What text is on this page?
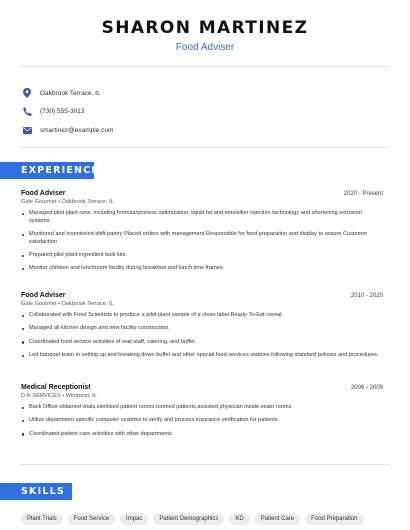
SHARON MARTINEZ
Food Adviser
Oakbrook Terrace, IL
(730) 555-3013
smartinez@example.com
EXPERIENCE
Food Adviser	2020 - Present
Gate Gourmet • Oakbrook Terrace, IL
Managed pilot plant runs, including formula/process optimization, liquid fat and emulsifier injection technology and shortening extrusion systems.
Monitored and inventoried shift pantry Placed orders with management Responsible for food preparation and display to assure Customer satisfaction
Prepared pilot plant ingredient bulk kits.
Monitor children and lunchroom facility during breakfast and lunch time frames.
Food Adviser	2010 - 2020
Gate Gourmet • Oakbrook Terrace, IL
Collaborated with Food Scientists to produce a pilot plant sample of a clean label Ready-To-Eat cereal.
Managed all kitchen design and new facility construction.
Coordinated food service activities of wait staff, catering, and buffet.
Led banquet team in setting up and breaking down buffet and other special food services stations following standard policies and procedures.
Medical Receptionist	2006 - 2009
D-R SERVICES • Wimpson, IL
Back Office-obtained vitals,sterilized patient rooms,roomed patients,assisted physician inside exam rooms.
Utilize department specific computer systems to verify and process insurance verification for patients.
Coordinated patient care activities with other departments.
SKILLS
Plant Trials	Food Service	Impac	Patient Demographics	KD	Patient Care	Food Preparation
